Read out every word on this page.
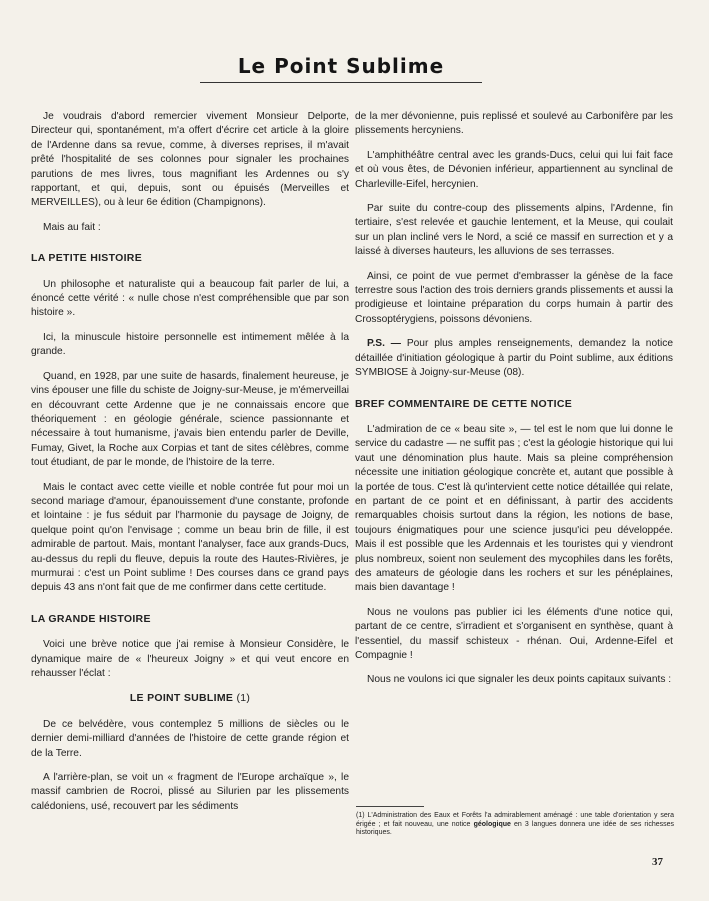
Le Point Sublime

Je voudrais d'abord remercier vivement Monsieur Delporte, Directeur qui, spontanément, m'a offert d'écrire cet article à la gloire de l'Ardenne dans sa revue, comme, à diverses reprises, il m'avait prêté l'hospitalité de ses colonnes pour signaler les prochaines parutions de mes livres, tous magnifiant les Ardennes ou s'y rapportant, et qui, depuis, sont ou épuisés (Merveilles et MERVEILLES), ou à leur 6e édition (Champignons).

Mais au fait :

LA PETITE HISTOIRE

Un philosophe et naturaliste qui a beaucoup fait parler de lui, a énoncé cette vérité : « nulle chose n'est compréhensible que par son histoire ».

Ici, la minuscule histoire personnelle est intimement mêlée à la grande.

Quand, en 1928, par une suite de hasards, finalement heureuse, je vins épouser une fille du schiste de Joigny-sur-Meuse, je m'émerveillai en découvrant cette Ardenne que je ne connaissais encore que théoriquement : en géologie générale, science passionnante et nécessaire à tout humanisme, j'avais bien entendu parler de Deville, Fumay, Givet, la Roche aux Corpias et tant de sites célèbres, comme tout étudiant, de par le monde, de l'histoire de la terre.

Mais le contact avec cette vieille et noble contrée fut pour moi un second mariage d'amour, épanouissement d'une constante, profonde et lointaine : je fus séduit par l'harmonie du paysage de Joigny, de quelque point qu'on l'envisage ; comme un beau brin de fille, il est admirable de partout. Mais, montant l'analyser, face aux grands-Ducs, au-dessus du repli du fleuve, depuis la route des Hautes-Rivières, je murmurai : c'est un Point sublime ! Des courses dans ce grand pays depuis 43 ans n'ont fait que de me confirmer dans cette certitude.

LA GRANDE HISTOIRE

Voici une brève notice que j'ai remise à Monsieur Considère, le dynamique maire de « l'heureux Joigny » et qui veut encore en rehausser l'éclat :

LE POINT SUBLIME (1)

De ce belvédère, vous contemplez 5 millions de siècles ou le dernier demi-milliard d'années de l'histoire de cette grande région et de la Terre.

A l'arrière-plan, se voit un « fragment de l'Europe archaïque », le massif cambrien de Rocroi, plissé au Silurien par les plissements calédoniens, usé, recouvert par les sédiments

de la mer dévonienne, puis replissé et soulevé au Carbonifère par les plissements hercyniens.

L'amphithéâtre central avec les grands-Ducs, celui qui lui fait face et où vous êtes, de Dévonien inférieur, appartiennent au synclinal de Charleville-Eifel, hercynien.

Par suite du contre-coup des plissements alpins, l'Ardenne, fin tertiaire, s'est relevée et gauchie lentement, et la Meuse, qui coulait sur un plan incliné vers le Nord, a scié ce massif en surrection et y a laissé à diverses hauteurs, les alluvions de ses terrasses.

Ainsi, ce point de vue permet d'embrasser la génèse de la face terrestre sous l'action des trois derniers grands plissements et aussi la prodigieuse et lointaine préparation du corps humain à partir des Crossoptérygiens, poissons dévoniens.

P.S. — Pour plus amples renseignements, demandez la notice détaillée d'initiation géologique à partir du Point sublime, aux éditions SYMBIOSE à Joigny-sur-Meuse (08).

BREF COMMENTAIRE DE CETTE NOTICE

L'admiration de ce « beau site », — tel est le nom que lui donne le service du cadastre — ne suffit pas ; c'est la géologie historique qui lui vaut une dénomination plus haute. Mais sa pleine compréhension nécessite une initiation géologique concrète et, autant que possible à la portée de tous. C'est là qu'intervient cette notice détaillée qui relate, en partant de ce point et en définissant, à partir des accidents remarquables choisis surtout dans la région, les notions de base, toujours énigmatiques pour une science jusqu'ici peu développée. Mais il est possible que les Ardennais et les touristes qui y viendront plus nombreux, soient non seulement des mycophiles dans les forêts, des amateurs de géologie dans les rochers et sur les pénéplaines, mais bien davantage !

Nous ne voulons pas publier ici les éléments d'une notice qui, partant de ce centre, s'irradient et s'organisent en synthèse, quant à l'essentiel, du massif schisteux - rhénan. Oui, Ardenne-Eifel et Compagnie !

Nous ne voulons ici que signaler les deux points capitaux suivants :

(1) L'Administration des Eaux et Forêts l'a admirablement aménagé : une table d'orientation y sera érigée ; et fait nouveau, une notice géologique en 3 langues donnera une idée de ses richesses historiques.
37
